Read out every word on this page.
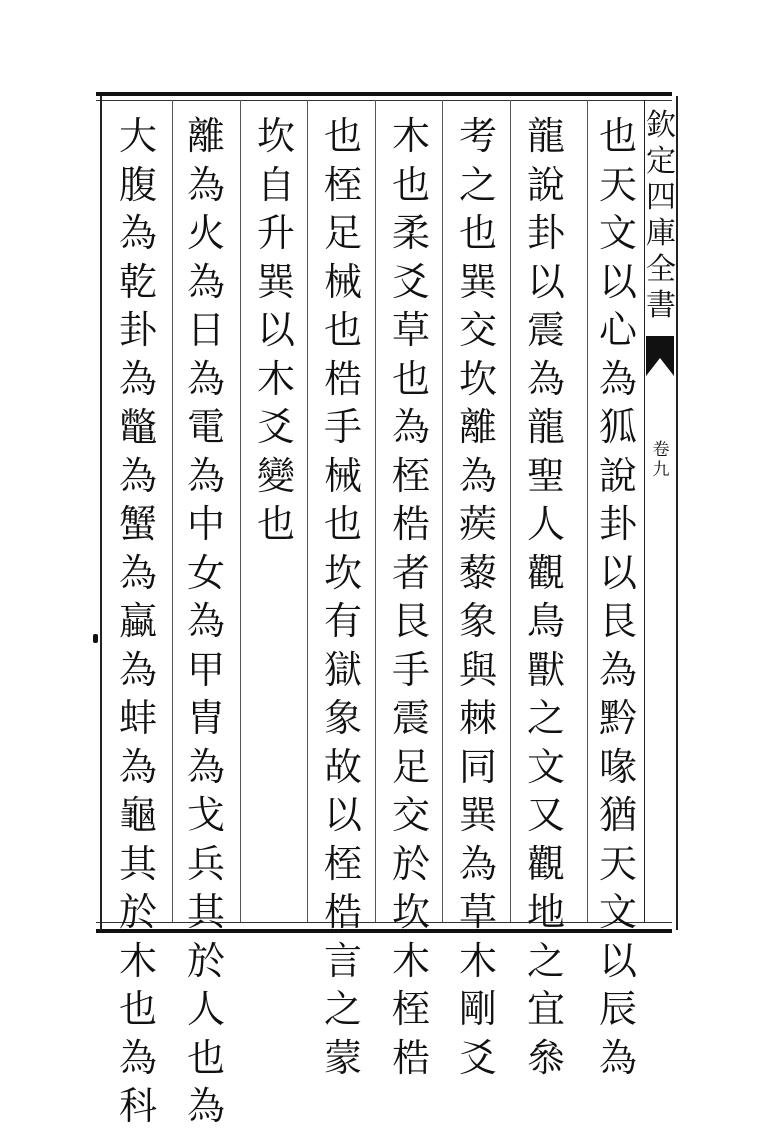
欽
定
四
庫
全
書
卷
九
也
天
文
以
心
為
狐
說
卦
以
艮
為
黔
喙
猶
天
文
以
辰
為
龍
說
卦
以
震
為
龍
聖
人
觀
鳥
獸
之
文
又
觀
地
之
宜
叅
考
之
也
巽
交
坎
離
為
蒺
藜
象
與
棘
同
巽
為
草
木
剛
爻
木
也
柔
爻
草
也
為
桎
梏
者
艮
手
震
足
交
於
坎
木
桎
梏
也
桎
足
械
也
梏
手
械
也
坎
有
獄
象
故
以
桎
梏
言
之
蒙
坎
自
升
巽
以
木
爻
變
也
離
為
火
為
日
為
電
為
中
女
為
甲
胄
為
戈
兵
其
於
人
也
為
大
腹
為
乾
卦
為
鼈
為
蟹
為
蠃
為
蚌
為
龜
其
於
木
也
為
科
